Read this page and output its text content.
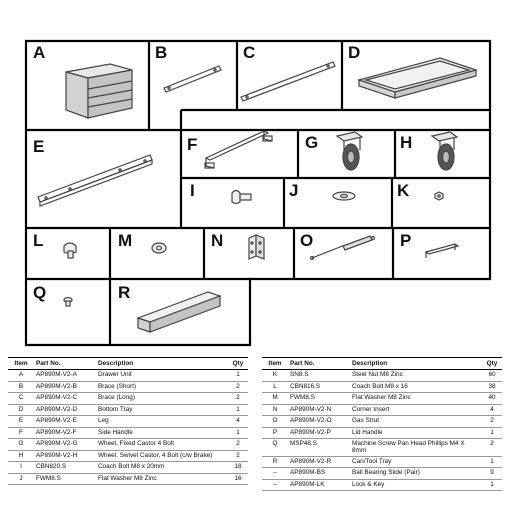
A	B	C	D
E	F	G	H
I	J	K
L	M	N	O	P
Q	R
Item	Part No.	Description	Qty
A	AP890M-V2-A	Drawer Unit	1
B	AP890M-V2-B	Brace (Short)	2
C	AP890M-V2-C	Brace (Long)	2
D	AP890M-V2-D	Bottom Tray	1
E	AP890M-V2-E	Leg	4
F	AP890M-V2-F	Side Handle	1
G	AP890M-V2-G	Wheel, Fixed Castor 4 Bolt	2
H	AP890M-V2-H	Wheel, Swivel Castor, 4 Bolt (c/w Brake)	2
I	CBN820.S	Coach Bolt M8 x 20mm	18
J	FWM8.S	Flat Washer M8 Zinc	16
Item	Part No.	Description	Qty
K	SN8.S	Steel Nut M8 Zinc	60
L	CBN816.S	Coach Bolt M8 x 16	38
M	FWM8.S	Flat Washer M8 Zinc	40
N	AP890M-V2-N	Corner Insert	4
O	AP890M-V2-O	Gas Strut	2
P	AP890M-V2-P	Lid Handle	1
Q	MSP48.S	Machine Screw Pan Head Phillips M4 X 8mm	2
R	AP890M-V2-R	Can/Tool Tray	1
--	AP890M-BS	Ball Bearing Slide (Pair)	9
--	AP890M-LK	Lock & Key	1
